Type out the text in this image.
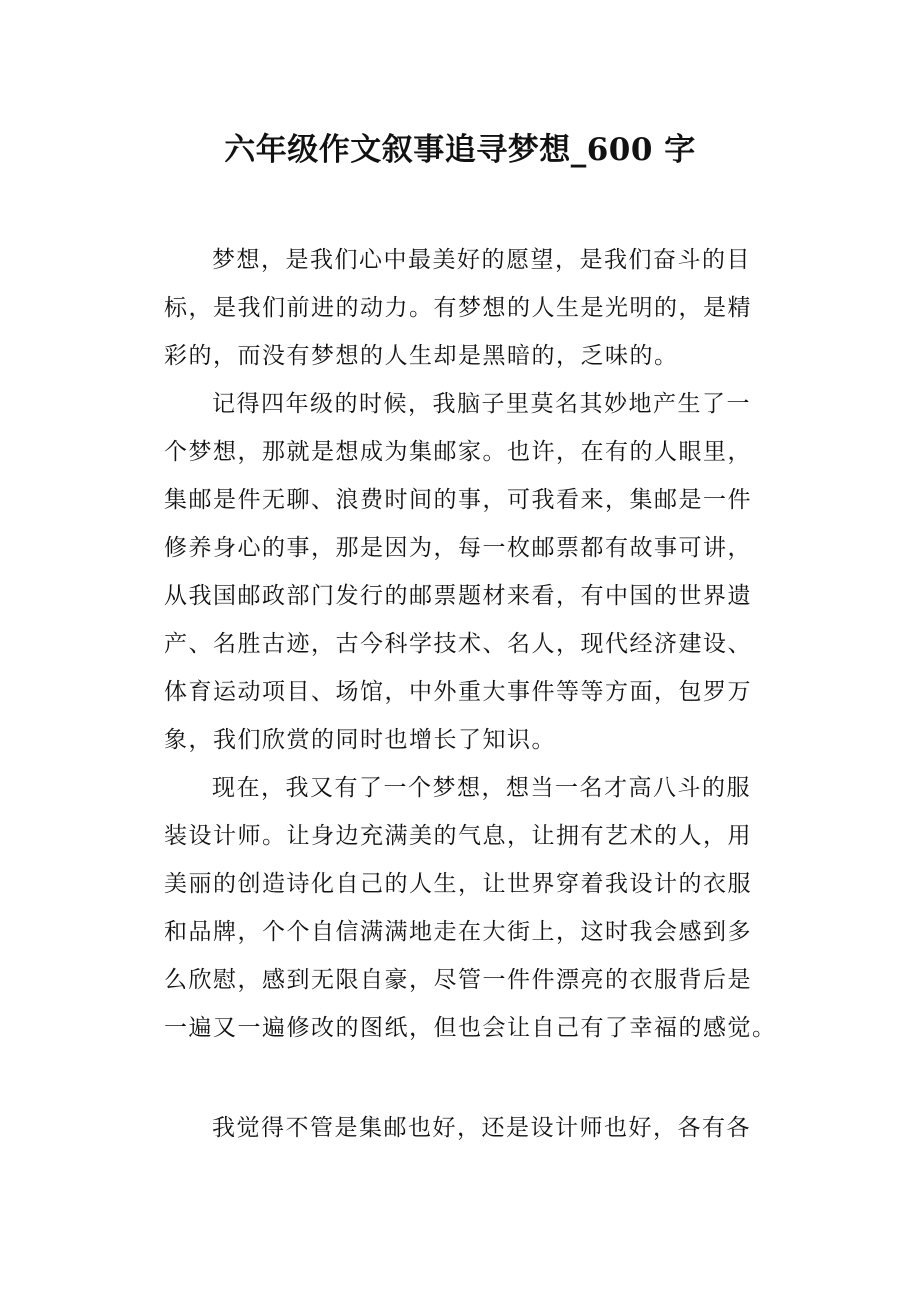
六年级作文叙事追寻梦想_600 字
梦想，是我们心中最美好的愿望，是我们奋斗的目
标，是我们前进的动力。有梦想的人生是光明的，是精
彩的，而没有梦想的人生却是黑暗的，乏味的。
记得四年级的时候，我脑子里莫名其妙地产生了一
个梦想，那就是想成为集邮家。也许，在有的人眼里，
集邮是件无聊、浪费时间的事，可我看来，集邮是一件
修养身心的事，那是因为，每一枚邮票都有故事可讲，
从我国邮政部门发行的邮票题材来看，有中国的世界遗
产、名胜古迹，古今科学技术、名人，现代经济建设、
体育运动项目、场馆，中外重大事件等等方面，包罗万
象，我们欣赏的同时也增长了知识。
现在，我又有了一个梦想，想当一名才高八斗的服
装设计师。让身边充满美的气息，让拥有艺术的人，用
美丽的创造诗化自己的人生，让世界穿着我设计的衣服
和品牌，个个自信满满地走在大街上，这时我会感到多
么欣慰，感到无限自豪，尽管一件件漂亮的衣服背后是
一遍又一遍修改的图纸，但也会让自己有了幸福的感觉。
我觉得不管是集邮也好，还是设计师也好，各有各
